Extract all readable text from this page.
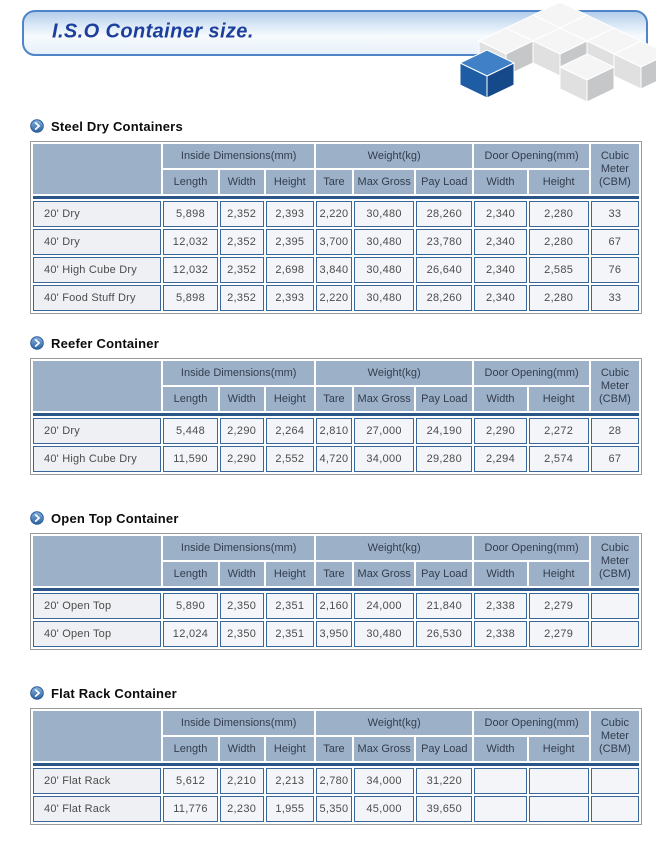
I.S.O Container size.
Steel Dry Containers
	Inside Dimensions(mm)			Weight(kg)			Door Opening(mm)		Cubic Meter (CBM)
	Length	Width	Height	Tare	Max Gross	Pay Load	Width	Height	

20' Dry	5,898	2,352	2,393	2,220	30,480	28,260	2,340	2,280	33
40' Dry	12,032	2,352	2,395	3,700	30,480	23,780	2,340	2,280	67
40' High Cube Dry	12,032	2,352	2,698	3,840	30,480	26,640	2,340	2,585	76
40' Food Stuff Dry	5,898	2,352	2,393	2,220	30,480	28,260	2,340	2,280	33
Reefer Container
	Inside Dimensions(mm)			Weight(kg)			Door Opening(mm)		Cubic Meter (CBM)
	Length	Width	Height	Tare	Max Gross	Pay Load	Width	Height	

20' Dry	5,448	2,290	2,264	2,810	27,000	24,190	2,290	2,272	28
40' High Cube Dry	11,590	2,290	2,552	4,720	34,000	29,280	2,294	2,574	67
Open Top Container
	Inside Dimensions(mm)			Weight(kg)			Door Opening(mm)		Cubic Meter (CBM)
	Length	Width	Height	Tare	Max Gross	Pay Load	Width	Height	

20' Open Top	5,890	2,350	2,351	2,160	24,000	21,840	2,338	2,279	
40' Open Top	12,024	2,350	2,351	3,950	30,480	26,530	2,338	2,279	
Flat Rack Container
	Inside Dimensions(mm)			Weight(kg)			Door Opening(mm)		Cubic Meter (CBM)
	Length	Width	Height	Tare	Max Gross	Pay Load	Width	Height	

20' Flat Rack	5,612	2,210	2,213	2,780	34,000	31,220			
40' Flat Rack	11,776	2,230	1,955	5,350	45,000	39,650			
